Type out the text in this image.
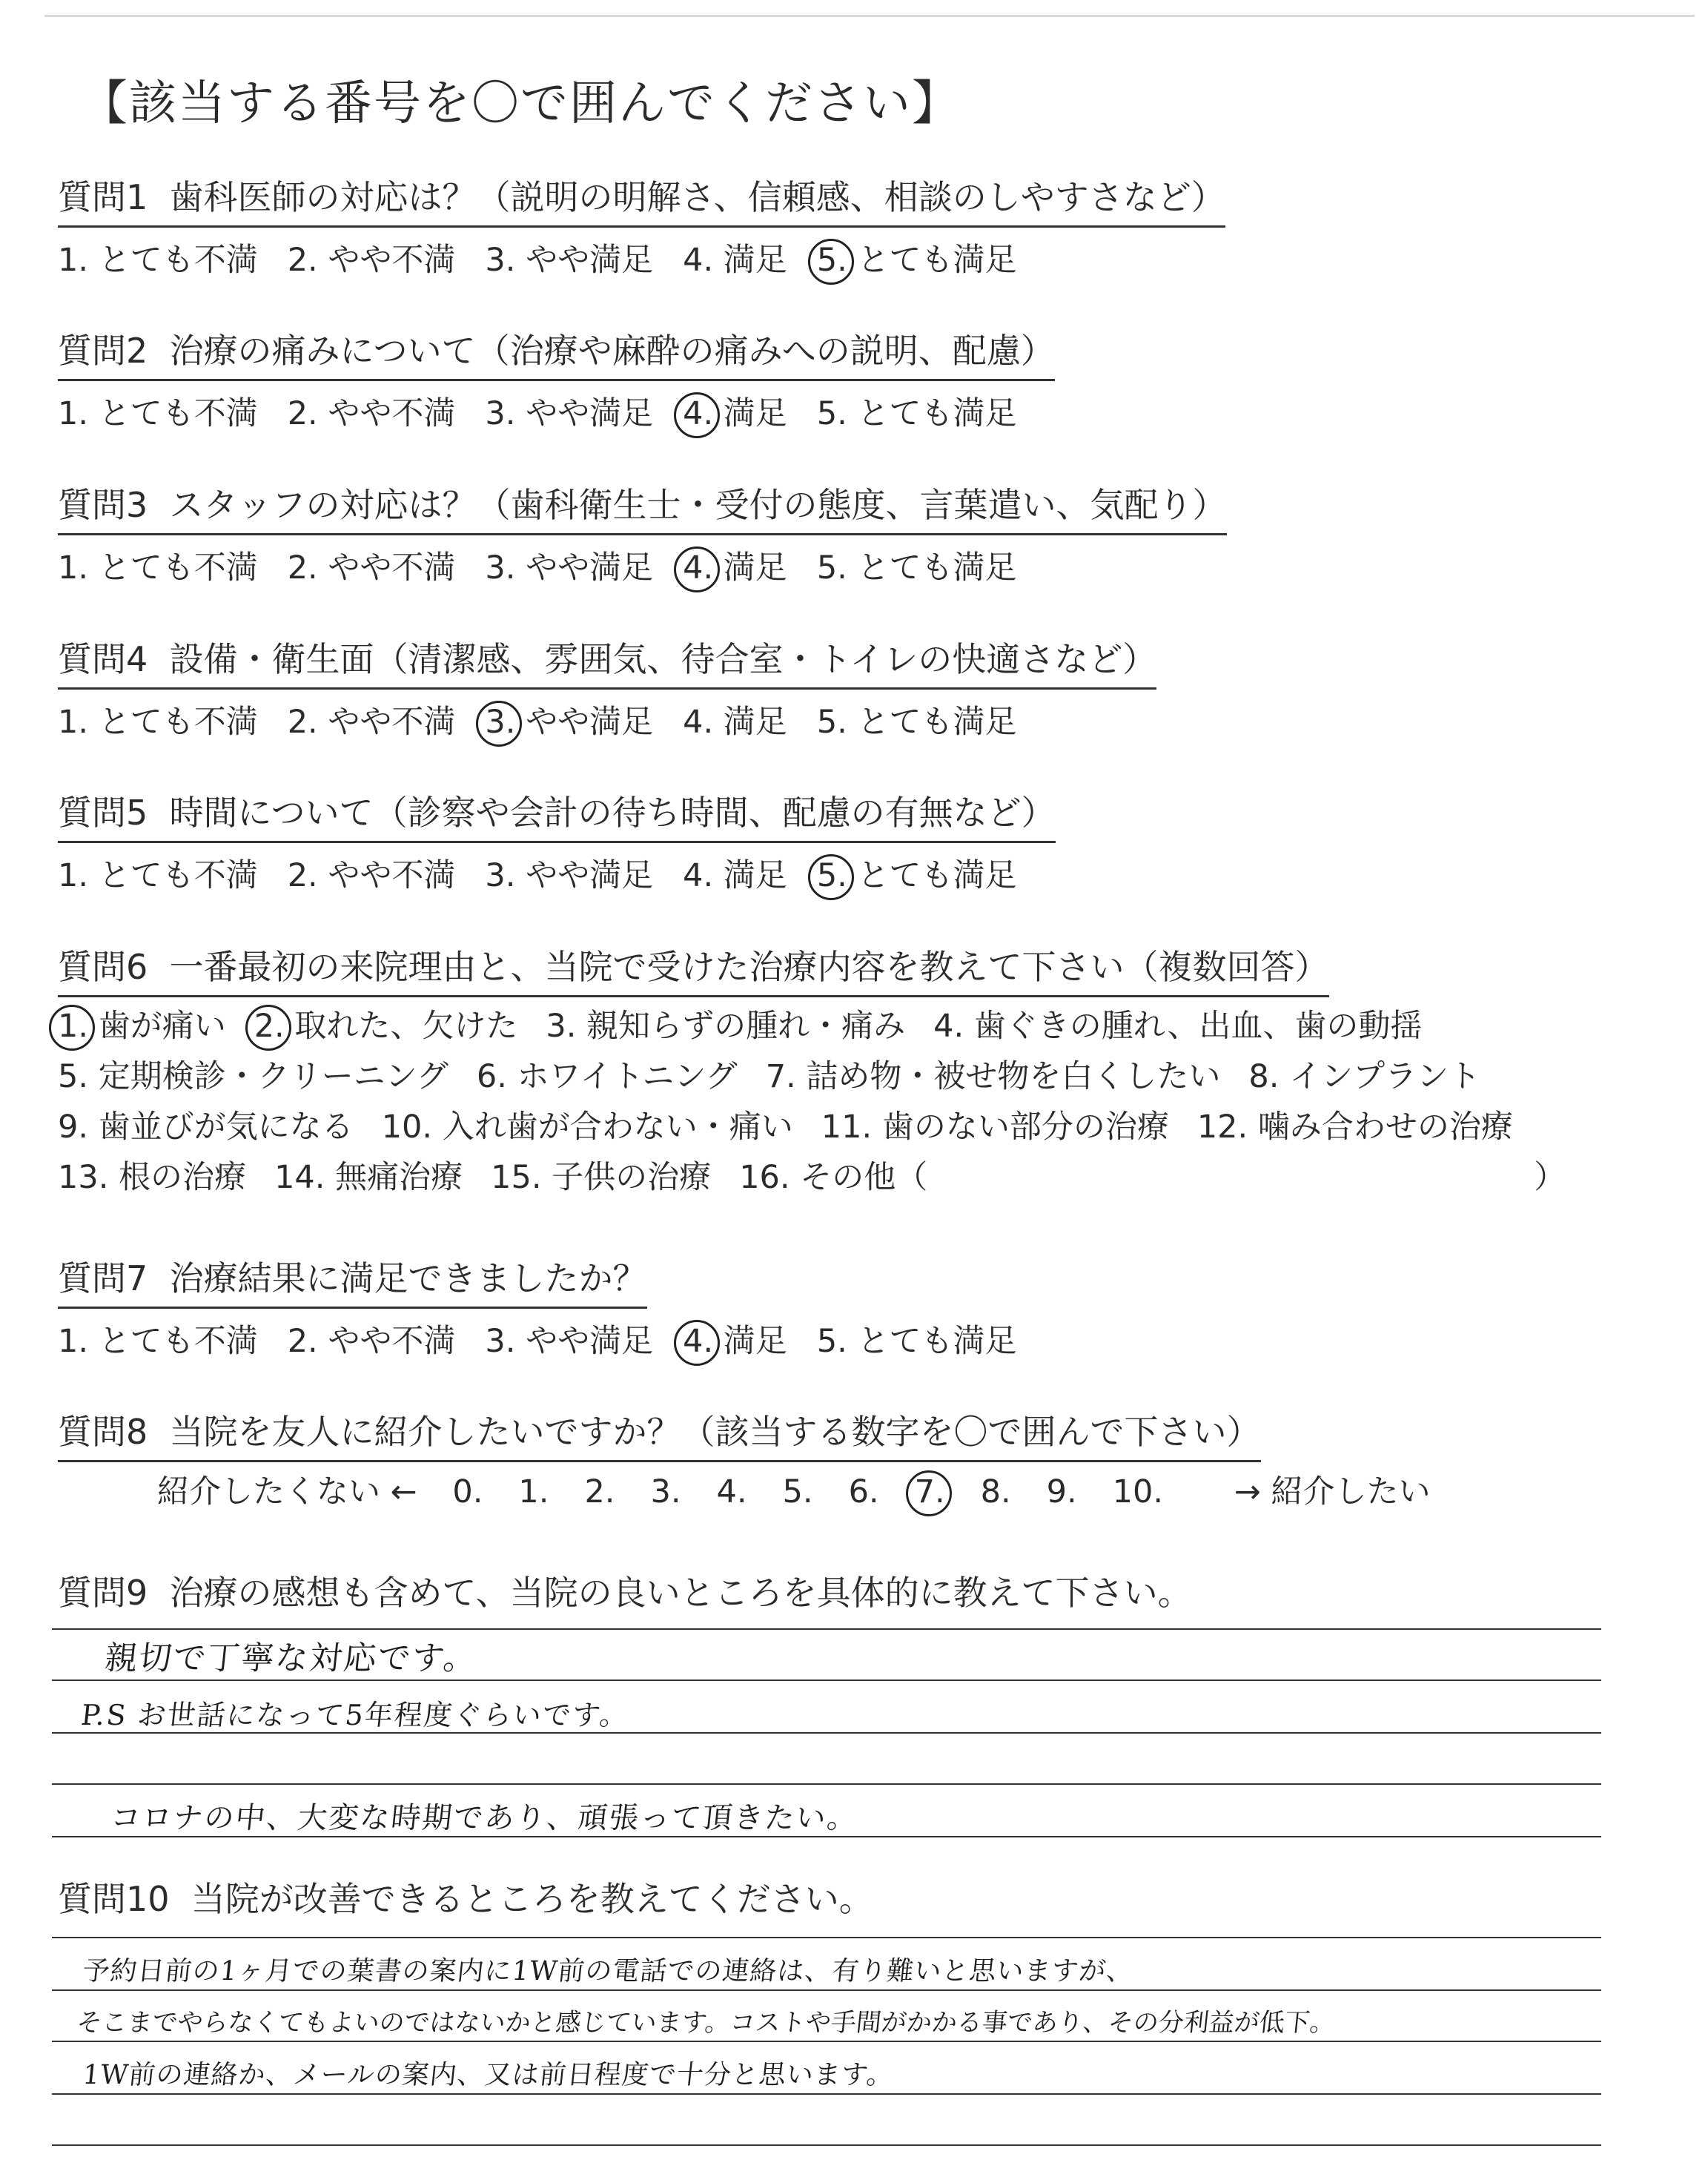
【該当する番号を〇で囲んでください】
質問1 歯科医師の対応は？（説明の明解さ、信頼感、相談のしやすさなど）
1. とても不満 2. やや不満 3. やや満足 4. 満足 5. とても満足
質問2 治療の痛みについて（治療や麻酔の痛みへの説明、配慮）
1. とても不満 2. やや不満 3. やや満足 4. 満足 5. とても満足
質問3 スタッフの対応は？（歯科衛生士・受付の態度、言葉遣い、気配り）
1. とても不満 2. やや不満 3. やや満足 4. 満足 5. とても満足
質問4 設備・衛生面（清潔感、雰囲気、待合室・トイレの快適さなど）
1. とても不満 2. やや不満 3. やや満足 4. 満足 5. とても満足
質問5 時間について（診察や会計の待ち時間、配慮の有無など）
1. とても不満 2. やや不満 3. やや満足 4. 満足 5. とても満足
質問6 一番最初の来院理由と、当院で受けた治療内容を教えて下さい（複数回答）
1. 歯が痛い 2. 取れた、欠けた 3. 親知らずの腫れ・痛み 4. 歯ぐきの腫れ、出血、歯の動揺
5. 定期検診・クリーニング 6. ホワイトニング 7. 詰め物・被せ物を白くしたい 8. インプラント
9. 歯並びが気になる 10. 入れ歯が合わない・痛い 11. 歯のない部分の治療 12. 噛み合わせの治療
13. 根の治療 14. 無痛治療 15. 子供の治療 16. その他（	）
質問7 治療結果に満足できましたか？
1. とても不満 2. やや不満 3. やや満足 4. 満足 5. とても満足
質問8 当院を友人に紹介したいですか？（該当する数字を〇で囲んで下さい）
紹介したくない ← 0. 1. 2. 3. 4. 5. 6. 7. 8. 9. 10. → 紹介したい
質問9 治療の感想も含めて、当院の良いところを具体的に教えて下さい。
親切で丁寧な対応です。
P.S お世話になって5年程度ぐらいです。
コロナの中、大変な時期であり、頑張って頂きたい。
質問10 当院が改善できるところを教えてください。
予約日前の1ヶ月での葉書の案内に1W前の電話での連絡は、有り難いと思いますが、
そこまでやらなくてもよいのではないかと感じています。コストや手間がかかる事であり、その分利益が低下。
1W前の連絡か、メールの案内、又は前日程度で十分と思います。
